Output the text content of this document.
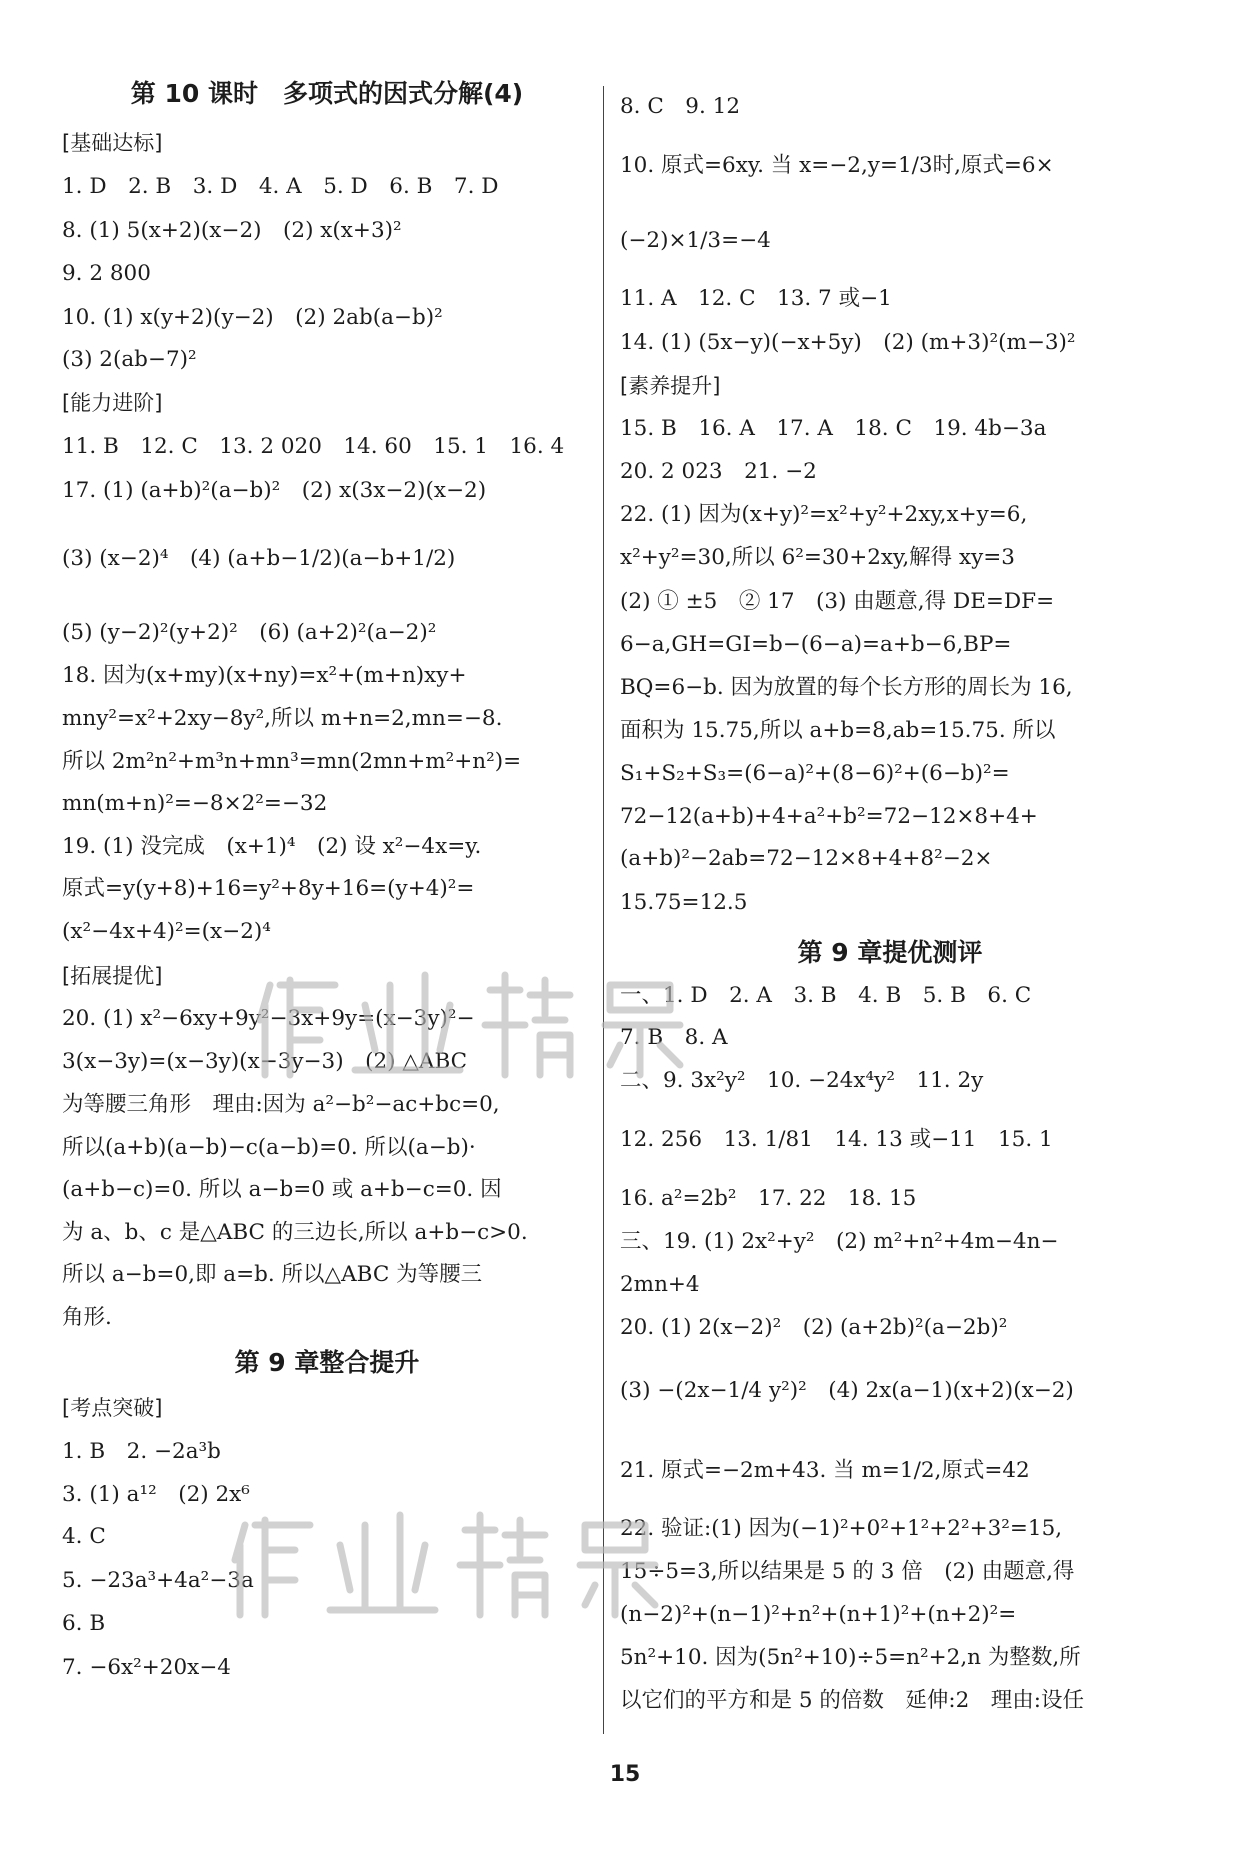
第 10 课时　多项式的因式分解(4)
[基础达标]
1. D　2. B　3. D　4. A　5. D　6. B　7. D
8. (1) 5(x+2)(x−2)　(2) x(x+3)²
9. 2 800
10. (1) x(y+2)(y−2)　(2) 2ab(a−b)²
(3) 2(ab−7)²
[能力进阶]
11. B　12. C　13. 2 020　14. 60　15. 1　16. 4
17. (1) (a+b)²(a−b)²　(2) x(3x−2)(x−2)
(3) (x−2)⁴　(4) (a+b−1/2)(a−b+1/2)
(5) (y−2)²(y+2)²　(6) (a+2)²(a−2)²
18. 因为(x+my)(x+ny)=x²+(m+n)xy+
mny²=x²+2xy−8y²,所以 m+n=2,mn=−8.
所以 2m²n²+m³n+mn³=mn(2mn+m²+n²)=
mn(m+n)²=−8×2²=−32
19. (1) 没完成　(x+1)⁴　(2) 设 x²−4x=y.
原式=y(y+8)+16=y²+8y+16=(y+4)²=
(x²−4x+4)²=(x−2)⁴
[拓展提优]
20. (1) x²−6xy+9y²−3x+9y=(x−3y)²−
3(x−3y)=(x−3y)(x−3y−3)　(2) △ABC
为等腰三角形　理由:因为 a²−b²−ac+bc=0,
所以(a+b)(a−b)−c(a−b)=0. 所以(a−b)·
(a+b−c)=0. 所以 a−b=0 或 a+b−c=0. 因
为 a、b、c 是△ABC 的三边长,所以 a+b−c>0.
所以 a−b=0,即 a=b. 所以△ABC 为等腰三
角形.
第 9 章整合提升
[考点突破]
1. B　2. −2a³b
3. (1) a¹²　(2) 2x⁶
4. C
5. −23a³+4a²−3a
6. B
7. −6x²+20x−4
8. C　9. 12
10. 原式=6xy. 当 x=−2,y=1/3时,原式=6×
(−2)×1/3=−4
11. A　12. C　13. 7 或−1
14. (1) (5x−y)(−x+5y)　(2) (m+3)²(m−3)²
[素养提升]
15. B　16. A　17. A　18. C　19. 4b−3a
20. 2 023　21. −2
22. (1) 因为(x+y)²=x²+y²+2xy,x+y=6,
x²+y²=30,所以 6²=30+2xy,解得 xy=3
(2) ① ±5　② 17　(3) 由题意,得 DE=DF=
6−a,GH=GI=b−(6−a)=a+b−6,BP=
BQ=6−b. 因为放置的每个长方形的周长为 16,
面积为 15.75,所以 a+b=8,ab=15.75. 所以
S₁+S₂+S₃=(6−a)²+(8−6)²+(6−b)²=
72−12(a+b)+4+a²+b²=72−12×8+4+
(a+b)²−2ab=72−12×8+4+8²−2×
15.75=12.5
第 9 章提优测评
一、1. D　2. A　3. B　4. B　5. B　6. C
7. B　8. A
二、9. 3x²y²　10. −24x⁴y²　11. 2y
12. 256　13. 1/81　14. 13 或−11　15. 1
16. a²=2b²　17. 22　18. 15
三、19. (1) 2x²+y²　(2) m²+n²+4m−4n−
2mn+4
20. (1) 2(x−2)²　(2) (a+2b)²(a−2b)²
(3) −(2x−1/4 y²)²　(4) 2x(a−1)(x+2)(x−2)
21. 原式=−2m+43. 当 m=1/2,原式=42
22. 验证:(1) 因为(−1)²+0²+1²+2²+3²=15,
15÷5=3,所以结果是 5 的 3 倍　(2) 由题意,得
(n−2)²+(n−1)²+n²+(n+1)²+(n+2)²=
5n²+10. 因为(5n²+10)÷5=n²+2,n 为整数,所
以它们的平方和是 5 的倍数　延伸:2　理由:设任
15
